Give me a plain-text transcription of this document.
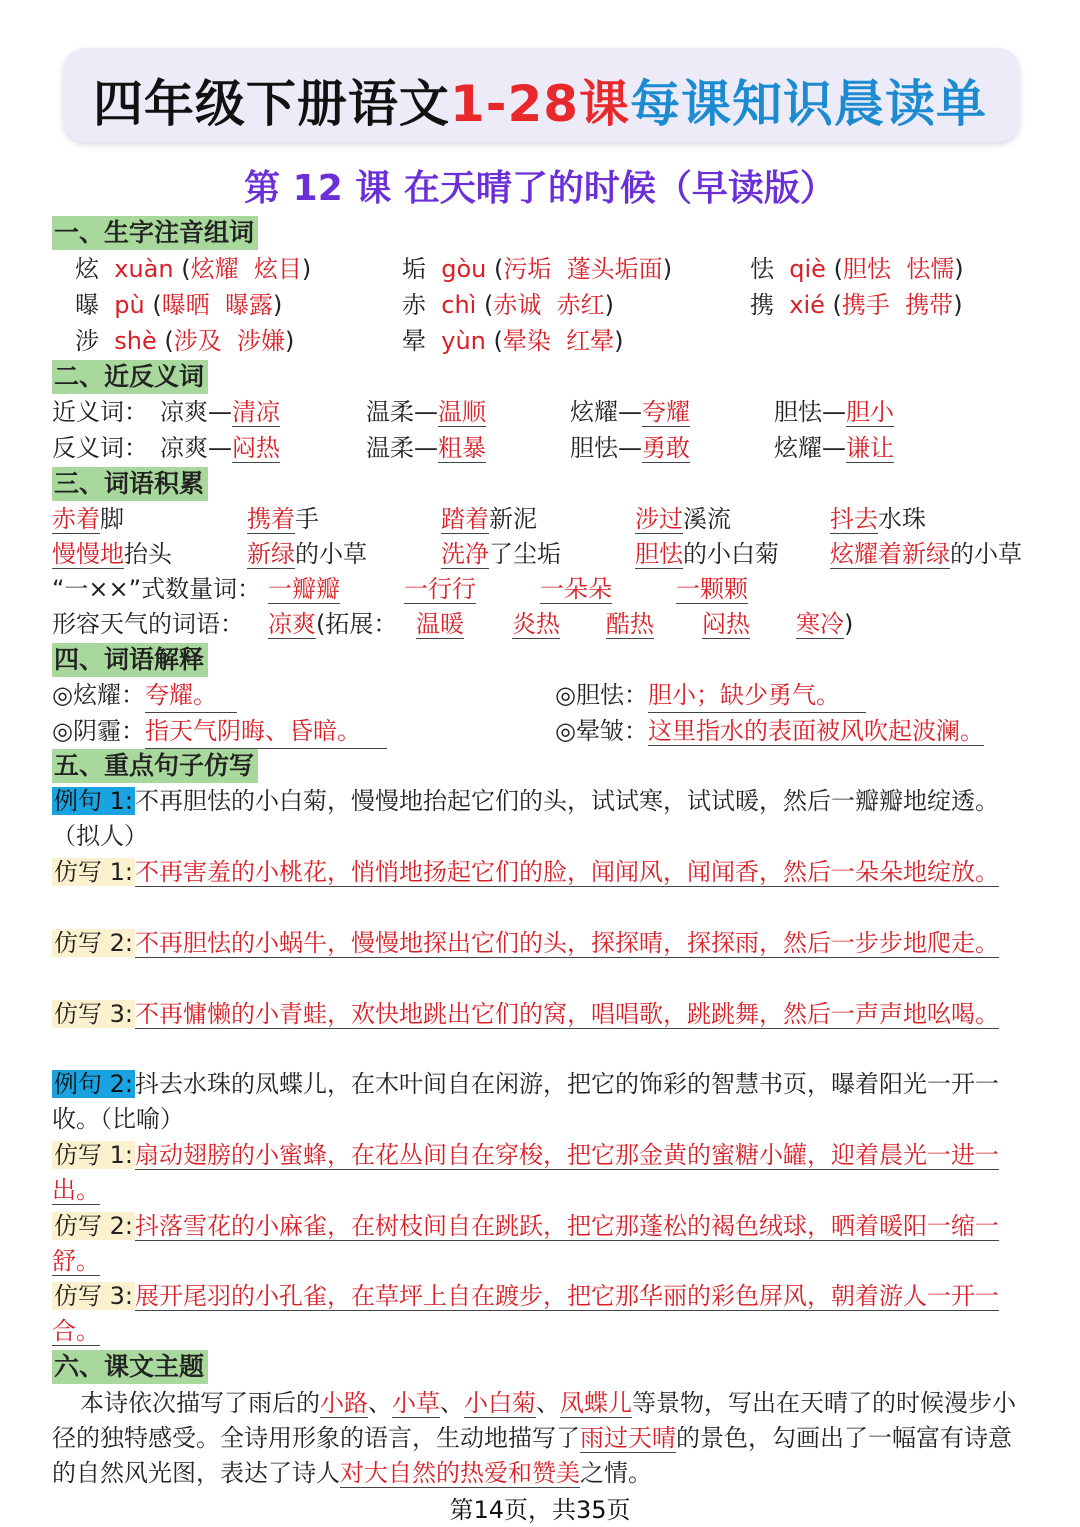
四年级下册语文1-28课每课知识晨读单
第 12 课 在天晴了的时候（早读版）
一、生字注音组词
炫 xuàn (炫耀 炫目)	垢 gòu (污垢 蓬头垢面)	怯 qiè (胆怯 怯懦)
曝 pù (曝晒 曝露)	赤 chì (赤诚 赤红)	携 xié (携手 携带)
涉 shè (涉及 涉嫌)	晕 yùn (晕染 红晕)
二、近反义词
近义词： 凉爽—清凉	温柔—温顺	炫耀—夸耀	胆怯—胆小
反义词： 凉爽—闷热	温柔—粗暴	胆怯—勇敢	炫耀—谦让
三、词语积累
赤着脚	携着手	踏着新泥	涉过溪流	抖去水珠
慢慢地抬头	新绿的小草	洗净了尘垢	胆怯的小白菊 炫耀着新绿的小草
“一××”式数量词： 一瓣瓣	一行行	一朵朵	一颗颗
形容天气的词语： 凉爽(拓展： 温暖 炎热 酷热 闷热 寒冷)
四、词语解释
◎炫耀：夸耀。	◎胆怯：胆小；缺少勇气。
◎阴霾：指天气阴晦、昏暗。	◎晕皱：这里指水的表面被风吹起波澜。
五、重点句子仿写
例句 1:不再胆怯的小白菊，慢慢地抬起它们的头，试试寒，试试暖，然后一瓣瓣地绽透。（拟人）
仿写 1:不再害羞的小桃花，悄悄地扬起它们的脸，闻闻风，闻闻香，然后一朵朵地绽放。
仿写 2:不再胆怯的小蜗牛，慢慢地探出它们的头，探探晴，探探雨，然后一步步地爬走。
仿写 3:不再慵懒的小青蛙，欢快地跳出它们的窝，唱唱歌，跳跳舞，然后一声声地吆喝。
例句 2:抖去水珠的凤蝶儿，在木叶间自在闲游，把它的饰彩的智慧书页，曝着阳光一开一收。（比喻）
仿写 1:扇动翅膀的小蜜蜂，在花丛间自在穿梭，把它那金黄的蜜糖小罐，迎着晨光一进一出。
仿写 2:抖落雪花的小麻雀，在树枝间自在跳跃，把它那蓬松的褐色绒球，晒着暖阳一缩一舒。
仿写 3:展开尾羽的小孔雀，在草坪上自在踱步，把它那华丽的彩色屏风，朝着游人一开一合。
六、课文主题
本诗依次描写了雨后的小路、小草、小白菊、凤蝶儿等景物，写出在天晴了的时候漫步小径的独特感受。全诗用形象的语言，生动地描写了雨过天晴的景色，勾画出了一幅富有诗意的自然风光图，表达了诗人对大自然的热爱和赞美之情。
第14页，共35页
